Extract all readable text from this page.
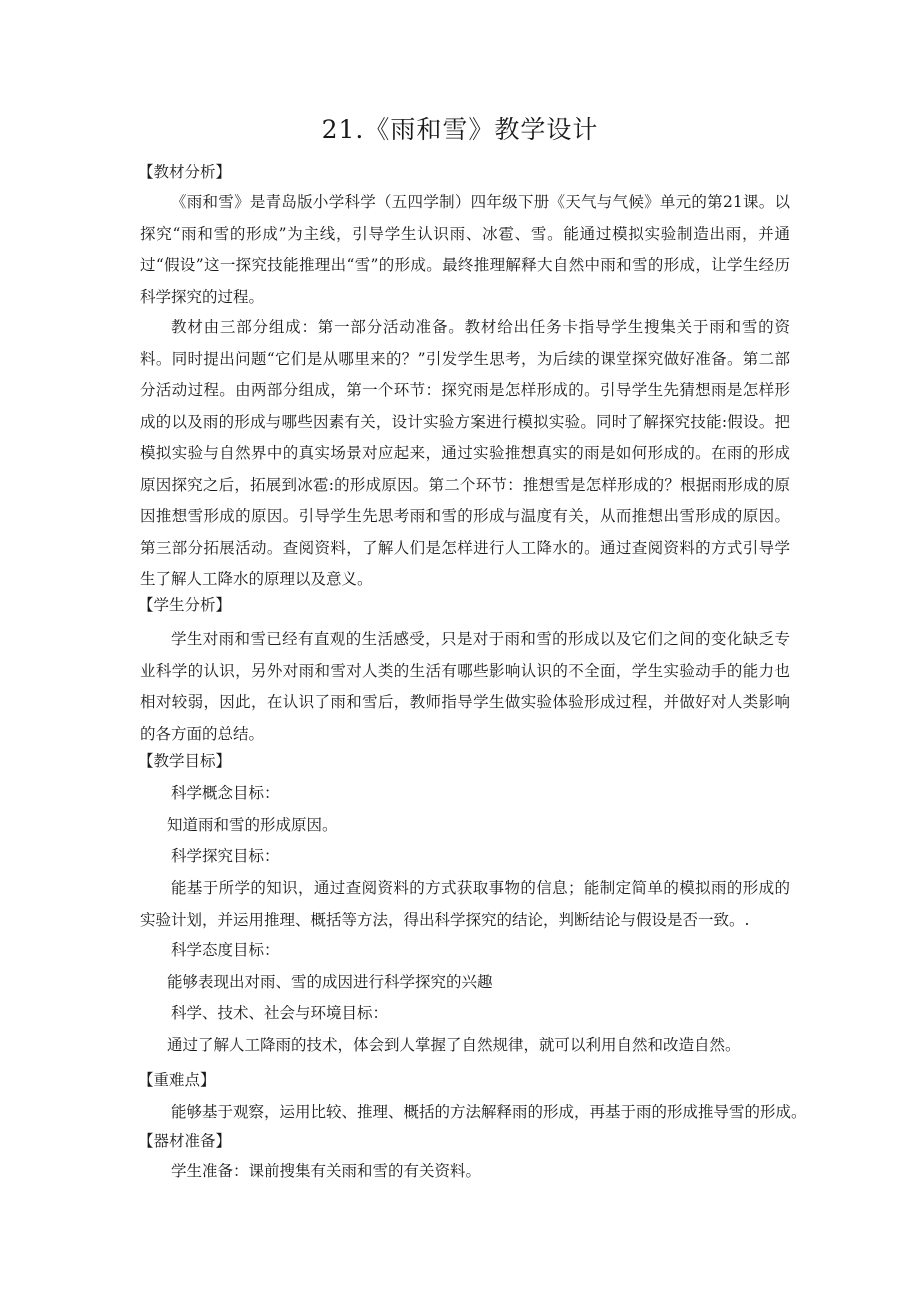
21.《雨和雪》教学设计
【教材分析】

《雨和雪》是青岛版小学科学（五四学制）四年级下册《天气与气候》单元的第21课。以探究“雨和雪的形成”为主线，引导学生认识雨、冰雹、雪。能通过模拟实验制造出雨，并通过“假设”这一探究技能推理出“雪”的形成。最终推理解释大自然中雨和雪的形成，让学生经历科学探究的过程。

教材由三部分组成：第一部分活动准备。教材给出任务卡指导学生搜集关于雨和雪的资料。同时提出问题“它们是从哪里来的？”引发学生思考，为后续的课堂探究做好准备。第二部分活动过程。由两部分组成，第一个环节：探究雨是怎样形成的。引导学生先猜想雨是怎样形成的以及雨的形成与哪些因素有关，设计实验方案进行模拟实验。同时了解探究技能:假设。把模拟实验与自然界中的真实场景对应起来，通过实验推想真实的雨是如何形成的。在雨的形成原因探究之后，拓展到冰雹:的形成原因。第二个环节：推想雪是怎样形成的？根据雨形成的原因推想雪形成的原因。引导学生先思考雨和雪的形成与温度有关，从而推想出雪形成的原因。第三部分拓展活动。查阅资料，了解人们是怎样进行人工降水的。通过查阅资料的方式引导学生了解人工降水的原理以及意义。

【学生分析】

学生对雨和雪已经有直观的生活感受，只是对于雨和雪的形成以及它们之间的变化缺乏专业科学的认识，另外对雨和雪对人类的生活有哪些影响认识的不全面，学生实验动手的能力也相对较弱，因此，在认识了雨和雪后，教师指导学生做实验体验形成过程，并做好对人类影响的各方面的总结。

【教学目标】
科学概念目标：
知道雨和雪的形成原因。
科学探究目标：

能基于所学的知识，通过查阅资料的方式获取事物的信息；能制定简单的模拟雨的形成的实验计划，并运用推理、概括等方法，得出科学探究的结论，判断结论与假设是否一致。.

科学态度目标：
能够表现出对雨、雪的成因进行科学探究的兴趣
科学、技术、社会与环境目标：
通过了解人工降雨的技术，体会到人掌握了自然规律，就可以利用自然和改造自然。
【重难点】
能够基于观察，运用比较、推理、概括的方法解释雨的形成，再基于雨的形成推导雪的形成。
【器材准备】
学生准备：课前搜集有关雨和雪的有关资料。
